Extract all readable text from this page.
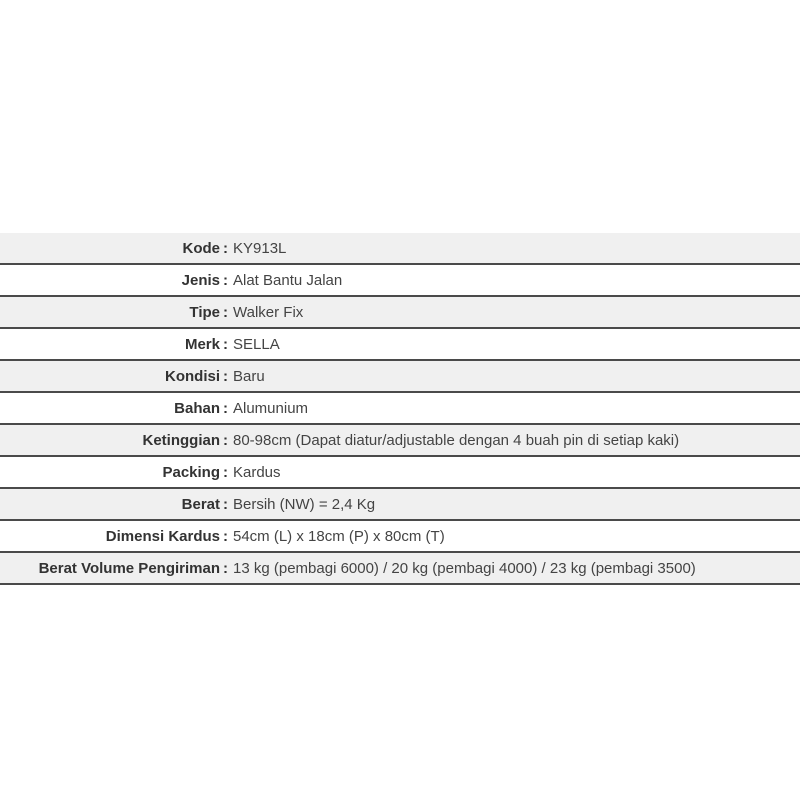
Kode	:	KY913L
Jenis	:	Alat Bantu Jalan
Tipe	:	Walker Fix
Merk	:	SELLA
Kondisi	:	Baru
Bahan	:	Alumunium
Ketinggian	:	80-98cm (Dapat diatur/adjustable dengan 4 buah pin di setiap kaki)
Packing	:	Kardus
Berat	:	Bersih (NW) = 2,4 Kg
Dimensi Kardus	:	54cm (L) x 18cm (P) x 80cm (T)
Berat Volume Pengiriman	:	13 kg (pembagi 6000) / 20 kg (pembagi 4000) / 23 kg (pembagi 3500)
